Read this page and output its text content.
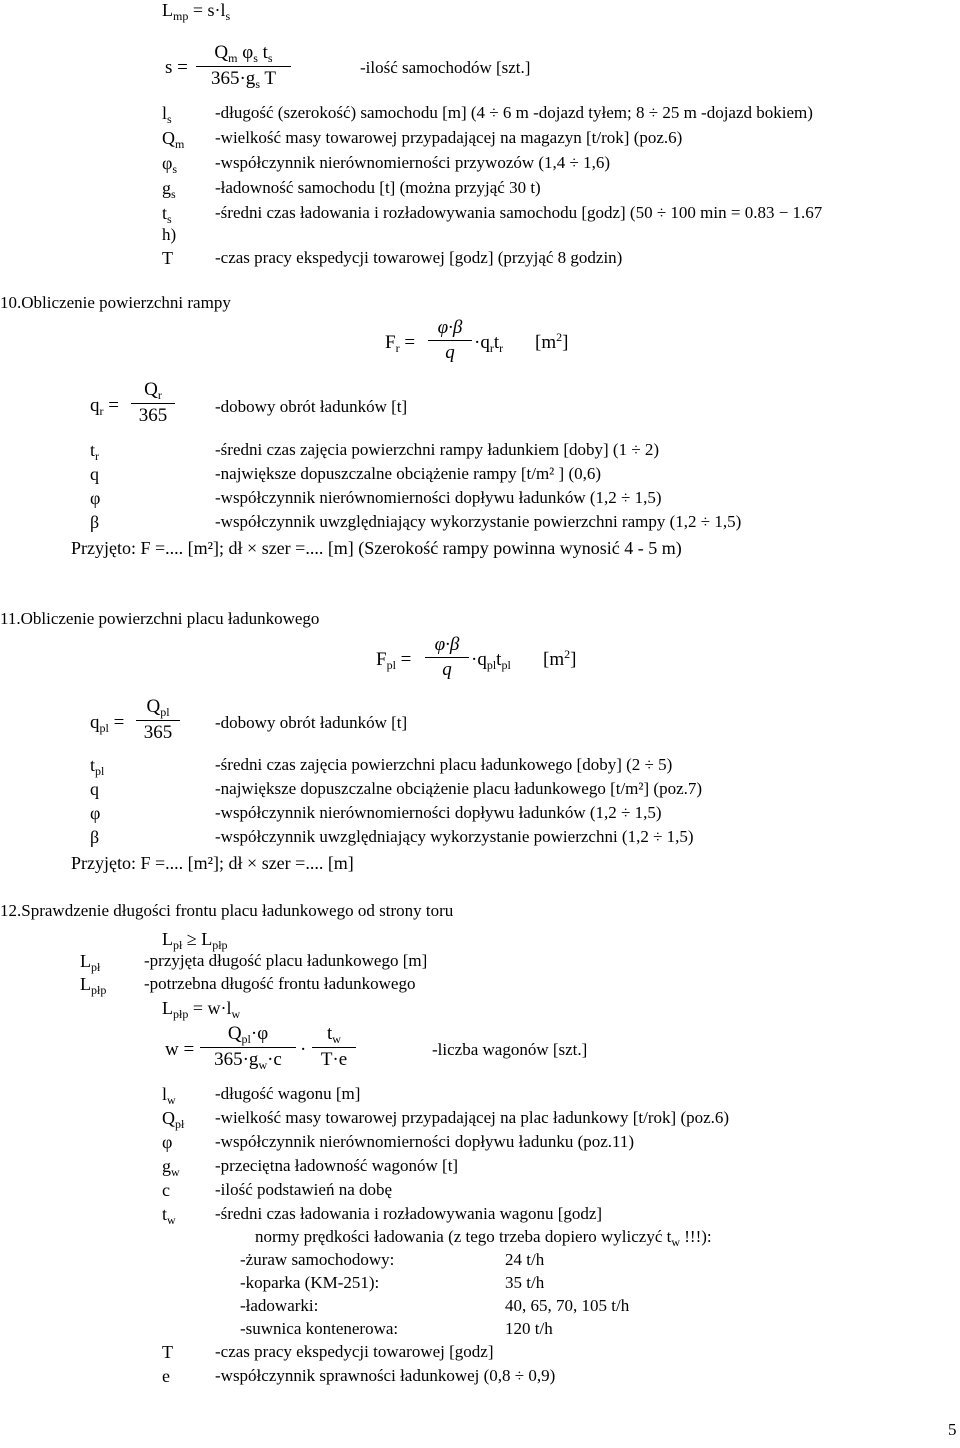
$L_{mp} = s\cdot l_s$
s =
$Q_m$ $\varphi_s$ $t_s$
$365\cdot g_s$ T
-ilość samochodów [szt.]
$l_s$	-długość (szerokość) samochodu [m] (4 ÷ 6 m -dojazd tyłem; 8 ÷ 25 m -dojazd bokiem)
$Q_m$ -wielkość masy towarowej przypadającej na magazyn [t/rok] (poz.6)
$\varphi_s$ -współczynnik nierównomierności przywozów (1,4 ÷ 1,6)
$g_s$ -ładowność samochodu [t] (można przyjąć 30 t)
$t_s$	-średni czas ładowania i rozładowywania samochodu [godz] (50 ÷ 100 min = 0.83 − 1.67
h)
T -czas pracy ekspedycji towarowej [godz] (przyjąć 8 godzin)
10.Obliczenie powierzchni rampy
$F_r$ =
φ·β
q	$\cdot q_rt_r$ $[m^2]$
$q_r$ =
$Q_r$
365	-dobowy obrót ładunków [t]
$t_r$	-średni czas zajęcia powierzchni rampy ładunkiem [doby] (1 ÷ 2)
q	-największe dopuszczalne obciążenie rampy [t/m² ] (0,6)
φ	-współczynnik nierównomierności dopływu ładunków (1,2 ÷ 1,5)
β	-współczynnik uwzględniający wykorzystanie powierzchni rampy (1,2 ÷ 1,5)
Przyjęto: F =.... [m²]; dł × szer =.... [m] (Szerokość rampy powinna wynosić 4 - 5 m)
11.Obliczenie powierzchni placu ładunkowego
$F_{pl}$ =
φ·β
q	$\cdot q_{pl}t_{pl}$ $[m^2]$
$q_{pl}$ =
$Q_{pl}$
365	-dobowy obrót ładunków [t]
$t_{pl}$	-średni czas zajęcia powierzchni placu ładunkowego [doby] (2 ÷ 5)
q	-największe dopuszczalne obciążenie placu ładunkowego [t/m²] (poz.7)
φ	-współczynnik nierównomierności dopływu ładunków (1,2 ÷ 1,5)
β	-współczynnik uwzględniający wykorzystanie powierzchni (1,2 ÷ 1,5)
Przyjęto: F =.... [m²]; dł × szer =.... [m]
12.Sprawdzenie długości frontu placu ładunkowego od strony toru
$L_{pł} \ge L_{płp}$
$L_{pł}$	-przyjęta długość placu ładunkowego [m]
$L_{płp}$ -potrzebna długość frontu ładunkowego
$L_{płp} = w\cdot l_w$
w =
$Q_{pl}\cdot\varphi$
$365\cdot g_w\cdot c$ ·
$t_w$
T·e	-liczba wagonów [szt.]
$l_w$ -długość wagonu [m]
$Q_{pł}$ -wielkość masy towarowej przypadającej na plac ładunkowy [t/rok] (poz.6)
φ	-współczynnik nierównomierności dopływu ładunku (poz.11)
$g_w$ -przeciętna ładowność wagonów [t]
c	-ilość podstawień na dobę
$t_w$ -średni czas ładowania i rozładowywania wagonu [godz]
normy prędkości ładowania (z tego trzeba dopiero wyliczyć $t_w$ !!!):
-żuraw samochodowy:	24 t/h
-koparka (KM-251):	35 t/h
-ładowarki:	40, 65, 70, 105 t/h
-suwnica kontenerowa:	120 t/h
T -czas pracy ekspedycji towarowej [godz]
e	-współczynnik sprawności ładunkowej (0,8 ÷ 0,9)
5
